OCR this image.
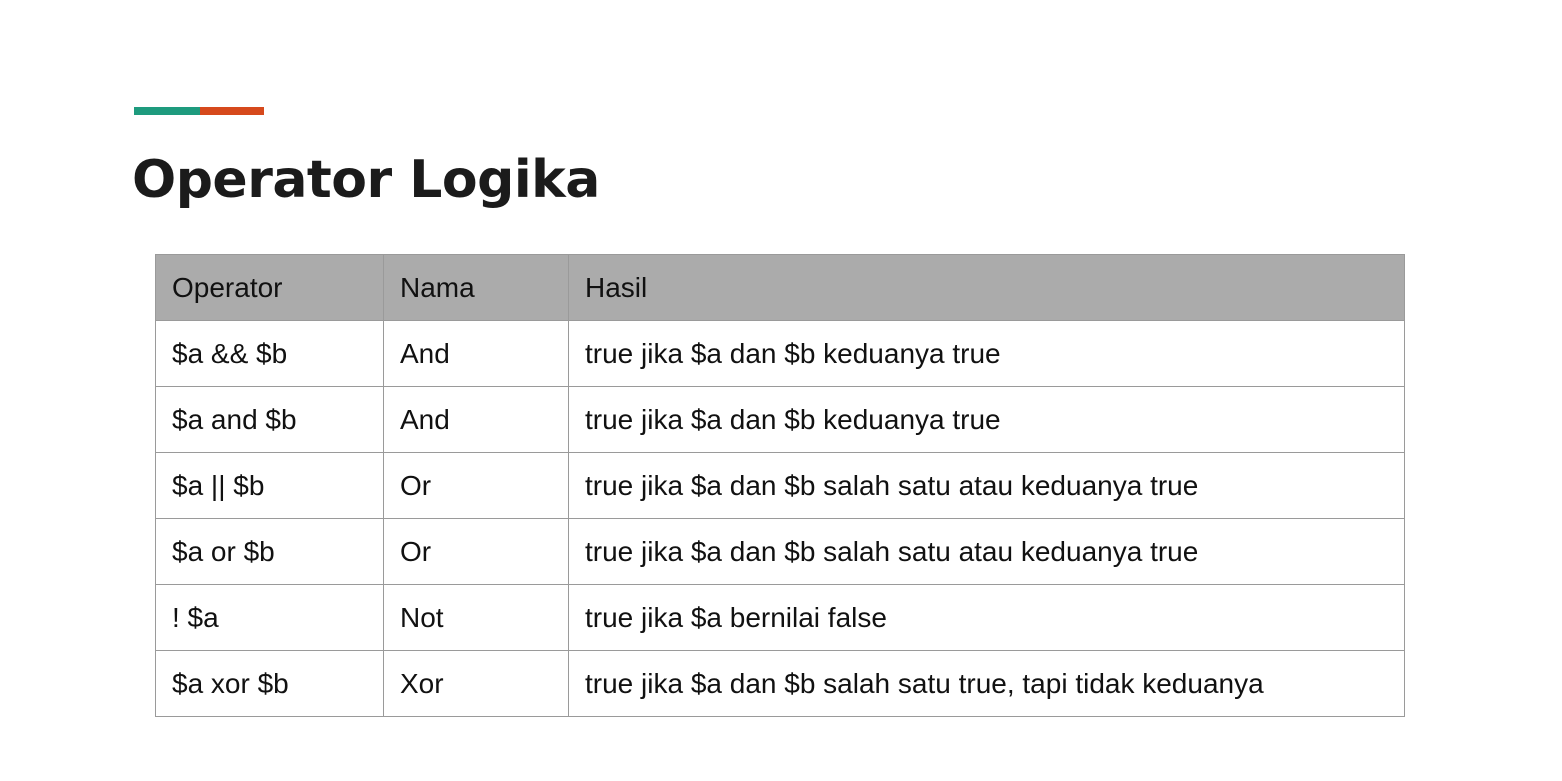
Operator Logika
Operator	Nama	Hasil
$a && $b	And	true jika $a dan $b keduanya true
$a and $b	And	true jika $a dan $b keduanya true
$a || $b	Or	true jika $a dan $b salah satu atau keduanya true
$a or $b	Or	true jika $a dan $b salah satu atau keduanya true
! $a	Not	true jika $a bernilai false
$a xor $b	Xor	true jika $a dan $b salah satu true, tapi tidak keduanya
